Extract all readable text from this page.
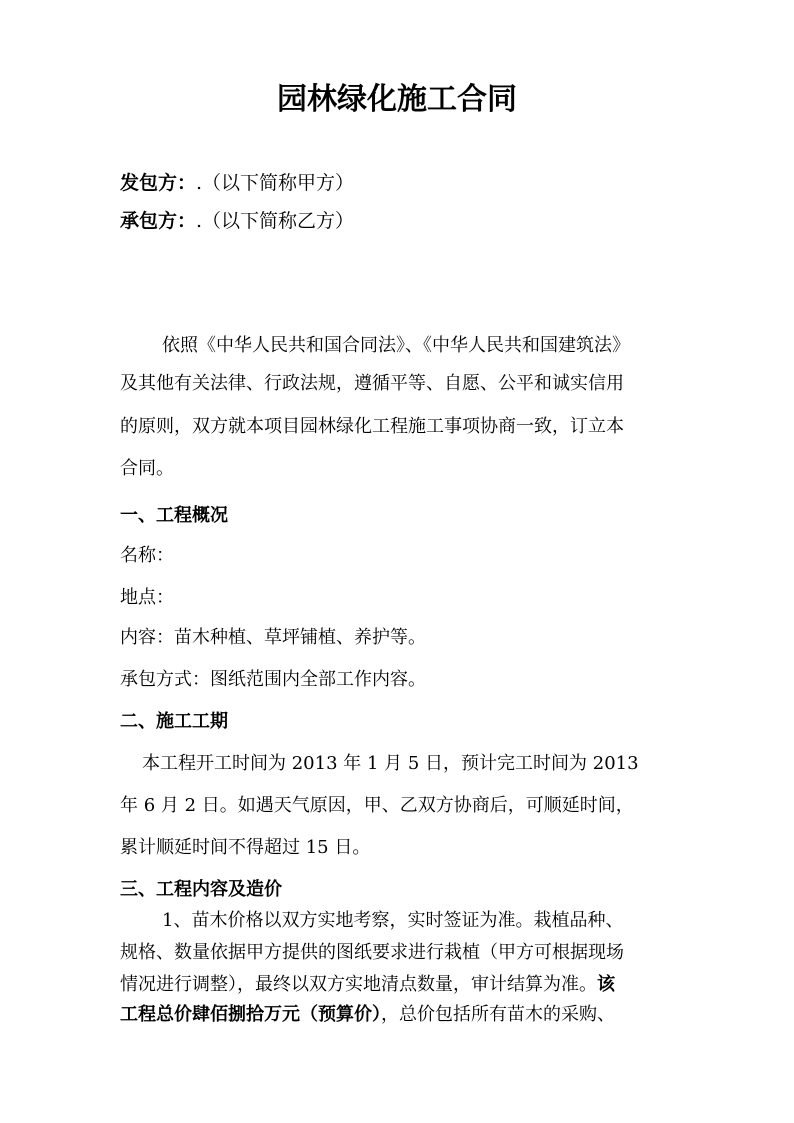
园林绿化施工合同
发包方：.（以下简称甲方）
承包方：.（以下简称乙方）
依照《中华人民共和国合同法》、《中华人民共和国建筑法》
及其他有关法律、行政法规，遵循平等、自愿、公平和诚实信用
的原则，双方就本项目园林绿化工程施工事项协商一致，订立本
合同。
一、工程概况
名称：
地点：
内容：苗木种植、草坪铺植、养护等。
承包方式：图纸范围内全部工作内容。
二、施工工期
本工程开工时间为 2013 年 1 月 5 日，预计完工时间为 2013
年 6 月 2 日。如遇天气原因，甲、乙双方协商后，可顺延时间，
累计顺延时间不得超过 15 日。
三、工程内容及造价
1、苗木价格以双方实地考察，实时签证为准。栽植品种、
规格、数量依据甲方提供的图纸要求进行栽植（甲方可根据现场
情况进行调整），最终以双方实地清点数量，审计结算为准。该
工程总价肆佰捌拾万元（预算价），总价包括所有苗木的采购、
